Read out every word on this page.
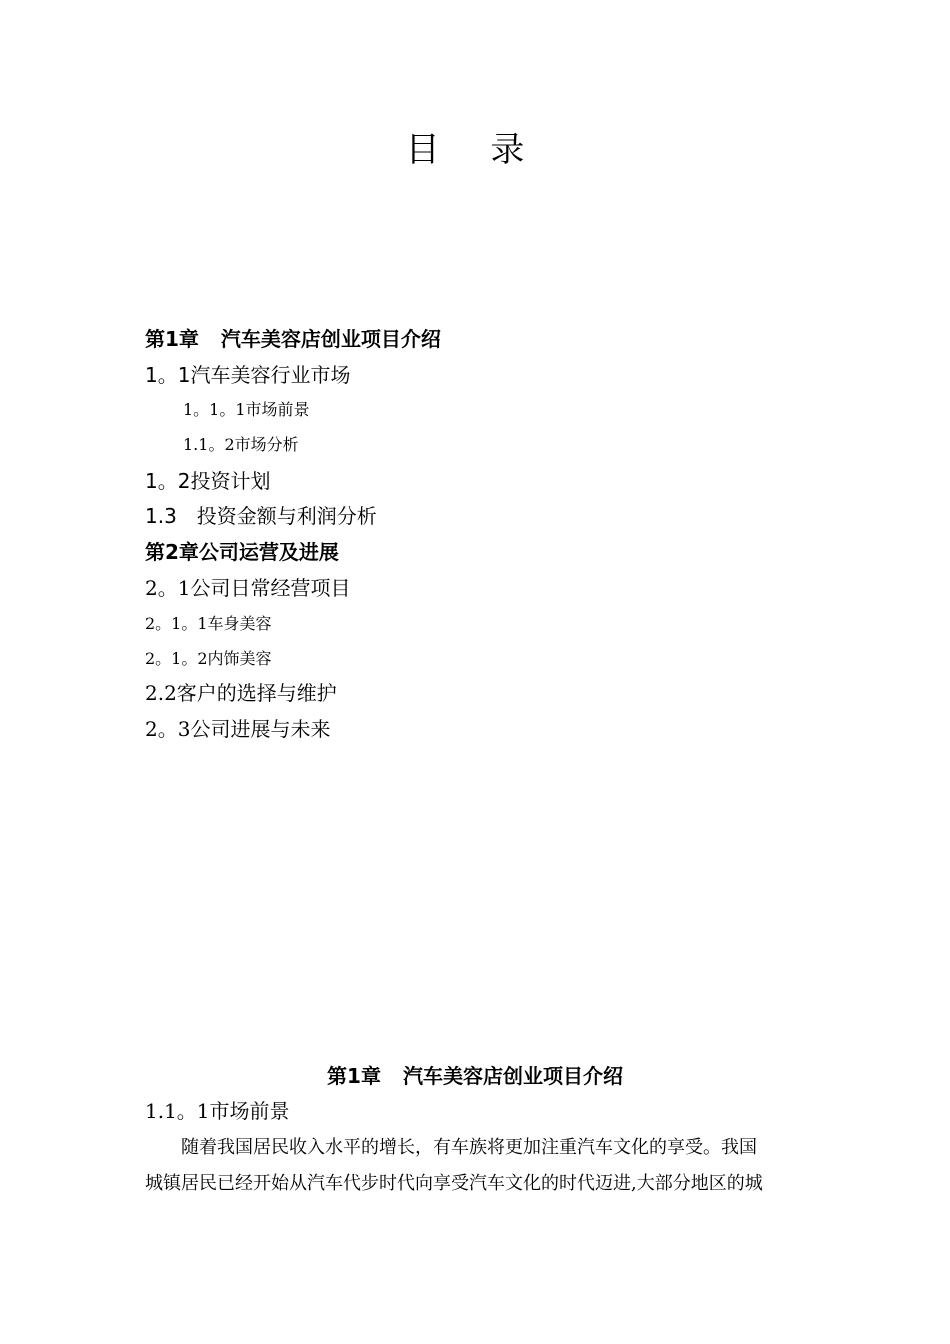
目 录
第1章 汽车美容店创业项目介绍
1。1汽车美容行业市场
1。1。1市场前景
1.1。2市场分析
1。2投资计划
1.3　投资金额与利润分析
第2章公司运营及进展
2。1公司日常经营项目
2。1。1车身美容
2。1。2内饰美容
2.2客户的选择与维护
2。3公司进展与未来
第1章 汽车美容店创业项目介绍
1.1。1市场前景
随着我国居民收入水平的增长，有车族将更加注重汽车文化的享受。我国
城镇居民已经开始从汽车代步时代向享受汽车文化的时代迈进,大部分地区的城
